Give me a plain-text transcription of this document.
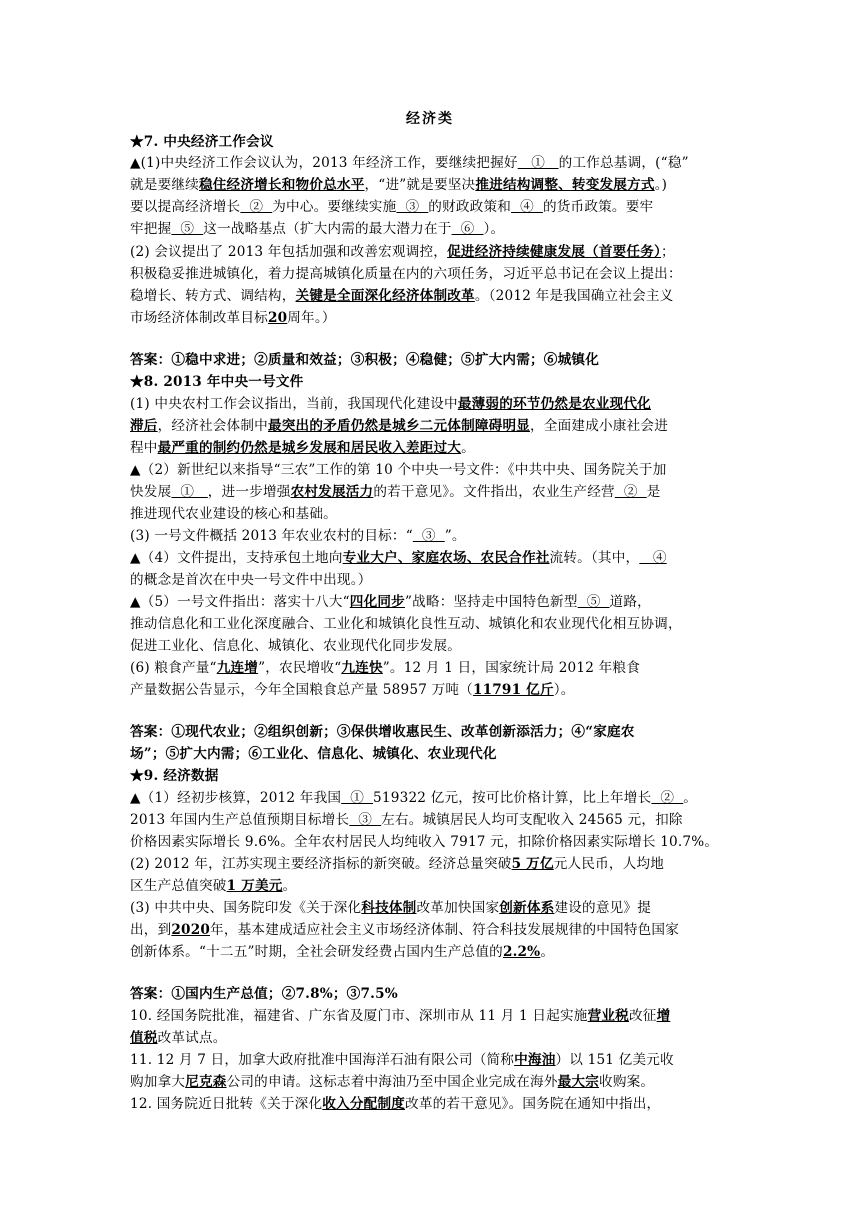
经济类
★7. 中央经济工作会议
▲(1)中央经济工作会议认为，2013 年经济工作，要继续把握好   ①   的工作总基调，(“稳”
就是要继续稳住经济增长和物价总水平，“进”就是要坚决推进结构调整、转变发展方式。)
要以提高经济增长  ②  为中心。要继续实施  ③  的财政政策和  ④  的货币政策。要牢
牢把握  ⑤  这一战略基点（扩大内需的最大潜力在于  ⑥  ）。
(2) 会议提出了 2013 年包括加强和改善宏观调控，促进经济持续健康发展（首要任务）；
积极稳妥推进城镇化，着力提高城镇化质量在内的六项任务，习近平总书记在会议上提出：
稳增长、转方式、调结构，关键是全面深化经济体制改革。（2012 年是我国确立社会主义
市场经济体制改革目标20周年。）
答案：①稳中求进；②质量和效益；③积极；④稳健；⑤扩大内需；⑥城镇化
★8. 2013 年中央一号文件
(1) 中央农村工作会议指出，当前，我国现代化建设中最薄弱的环节仍然是农业现代化
滞后，经济社会体制中最突出的矛盾仍然是城乡二元体制障碍明显，全面建成小康社会进
程中最严重的制约仍然是城乡发展和居民收入差距过大。
▲（2）新世纪以来指导“三农”工作的第 10 个中央一号文件：《中共中央、国务院关于加
快发展  ①   ，进一步增强农村发展活力的若干意见》。文件指出，农业生产经营  ②  是
推进现代农业建设的核心和基础。
(3) 一号文件概括 2013 年农业农村的目标：“  ③  ”。
▲（4）文件提出，支持承包土地向专业大户、家庭农场、农民合作社流转。（其中，   ④
的概念是首次在中央一号文件中出现。）
▲（5）一号文件指出：落实十八大“四化同步”战略：坚持走中国特色新型  ⑤  道路，
推动信息化和工业化深度融合、工业化和城镇化良性互动、城镇化和农业现代化相互协调，
促进工业化、信息化、城镇化、农业现代化同步发展。
(6) 粮食产量“九连增”，农民增收“九连快”。12 月 1 日，国家统计局 2012 年粮食
产量数据公告显示，今年全国粮食总产量 58957 万吨（11791 亿斤）。
答案：①现代农业；②组织创新；③保供增收惠民生、改革创新添活力；④“家庭农
场”；⑤扩大内需；⑥工业化、信息化、城镇化、农业现代化
★9. 经济数据
▲（1）经初步核算，2012 年我国  ①  519322 亿元，按可比价格计算，比上年增长  ②  。
2013 年国内生产总值预期目标增长  ③  左右。城镇居民人均可支配收入 24565 元，扣除
价格因素实际增长 9.6%。全年农村居民人均纯收入 7917 元，扣除价格因素实际增长 10.7%。
(2) 2012 年，江苏实现主要经济指标的新突破。经济总量突破5 万亿元人民币，人均地
区生产总值突破1 万美元。
(3) 中共中央、国务院印发《关于深化科技体制改革加快国家创新体系建设的意见》提
出，到2020年，基本建成适应社会主义市场经济体制、符合科技发展规律的中国特色国家
创新体系。“十二五”时期，全社会研发经费占国内生产总值的2.2%。
答案：①国内生产总值；②7.8%；③7.5%
10. 经国务院批准，福建省、广东省及厦门市、深圳市从 11 月 1 日起实施营业税改征增
值税改革试点。
11. 12 月 7 日，加拿大政府批准中国海洋石油有限公司（简称中海油）以 151 亿美元收
购加拿大尼克森公司的申请。这标志着中海油乃至中国企业完成在海外最大宗收购案。
12. 国务院近日批转《关于深化收入分配制度改革的若干意见》。国务院在通知中指出，
